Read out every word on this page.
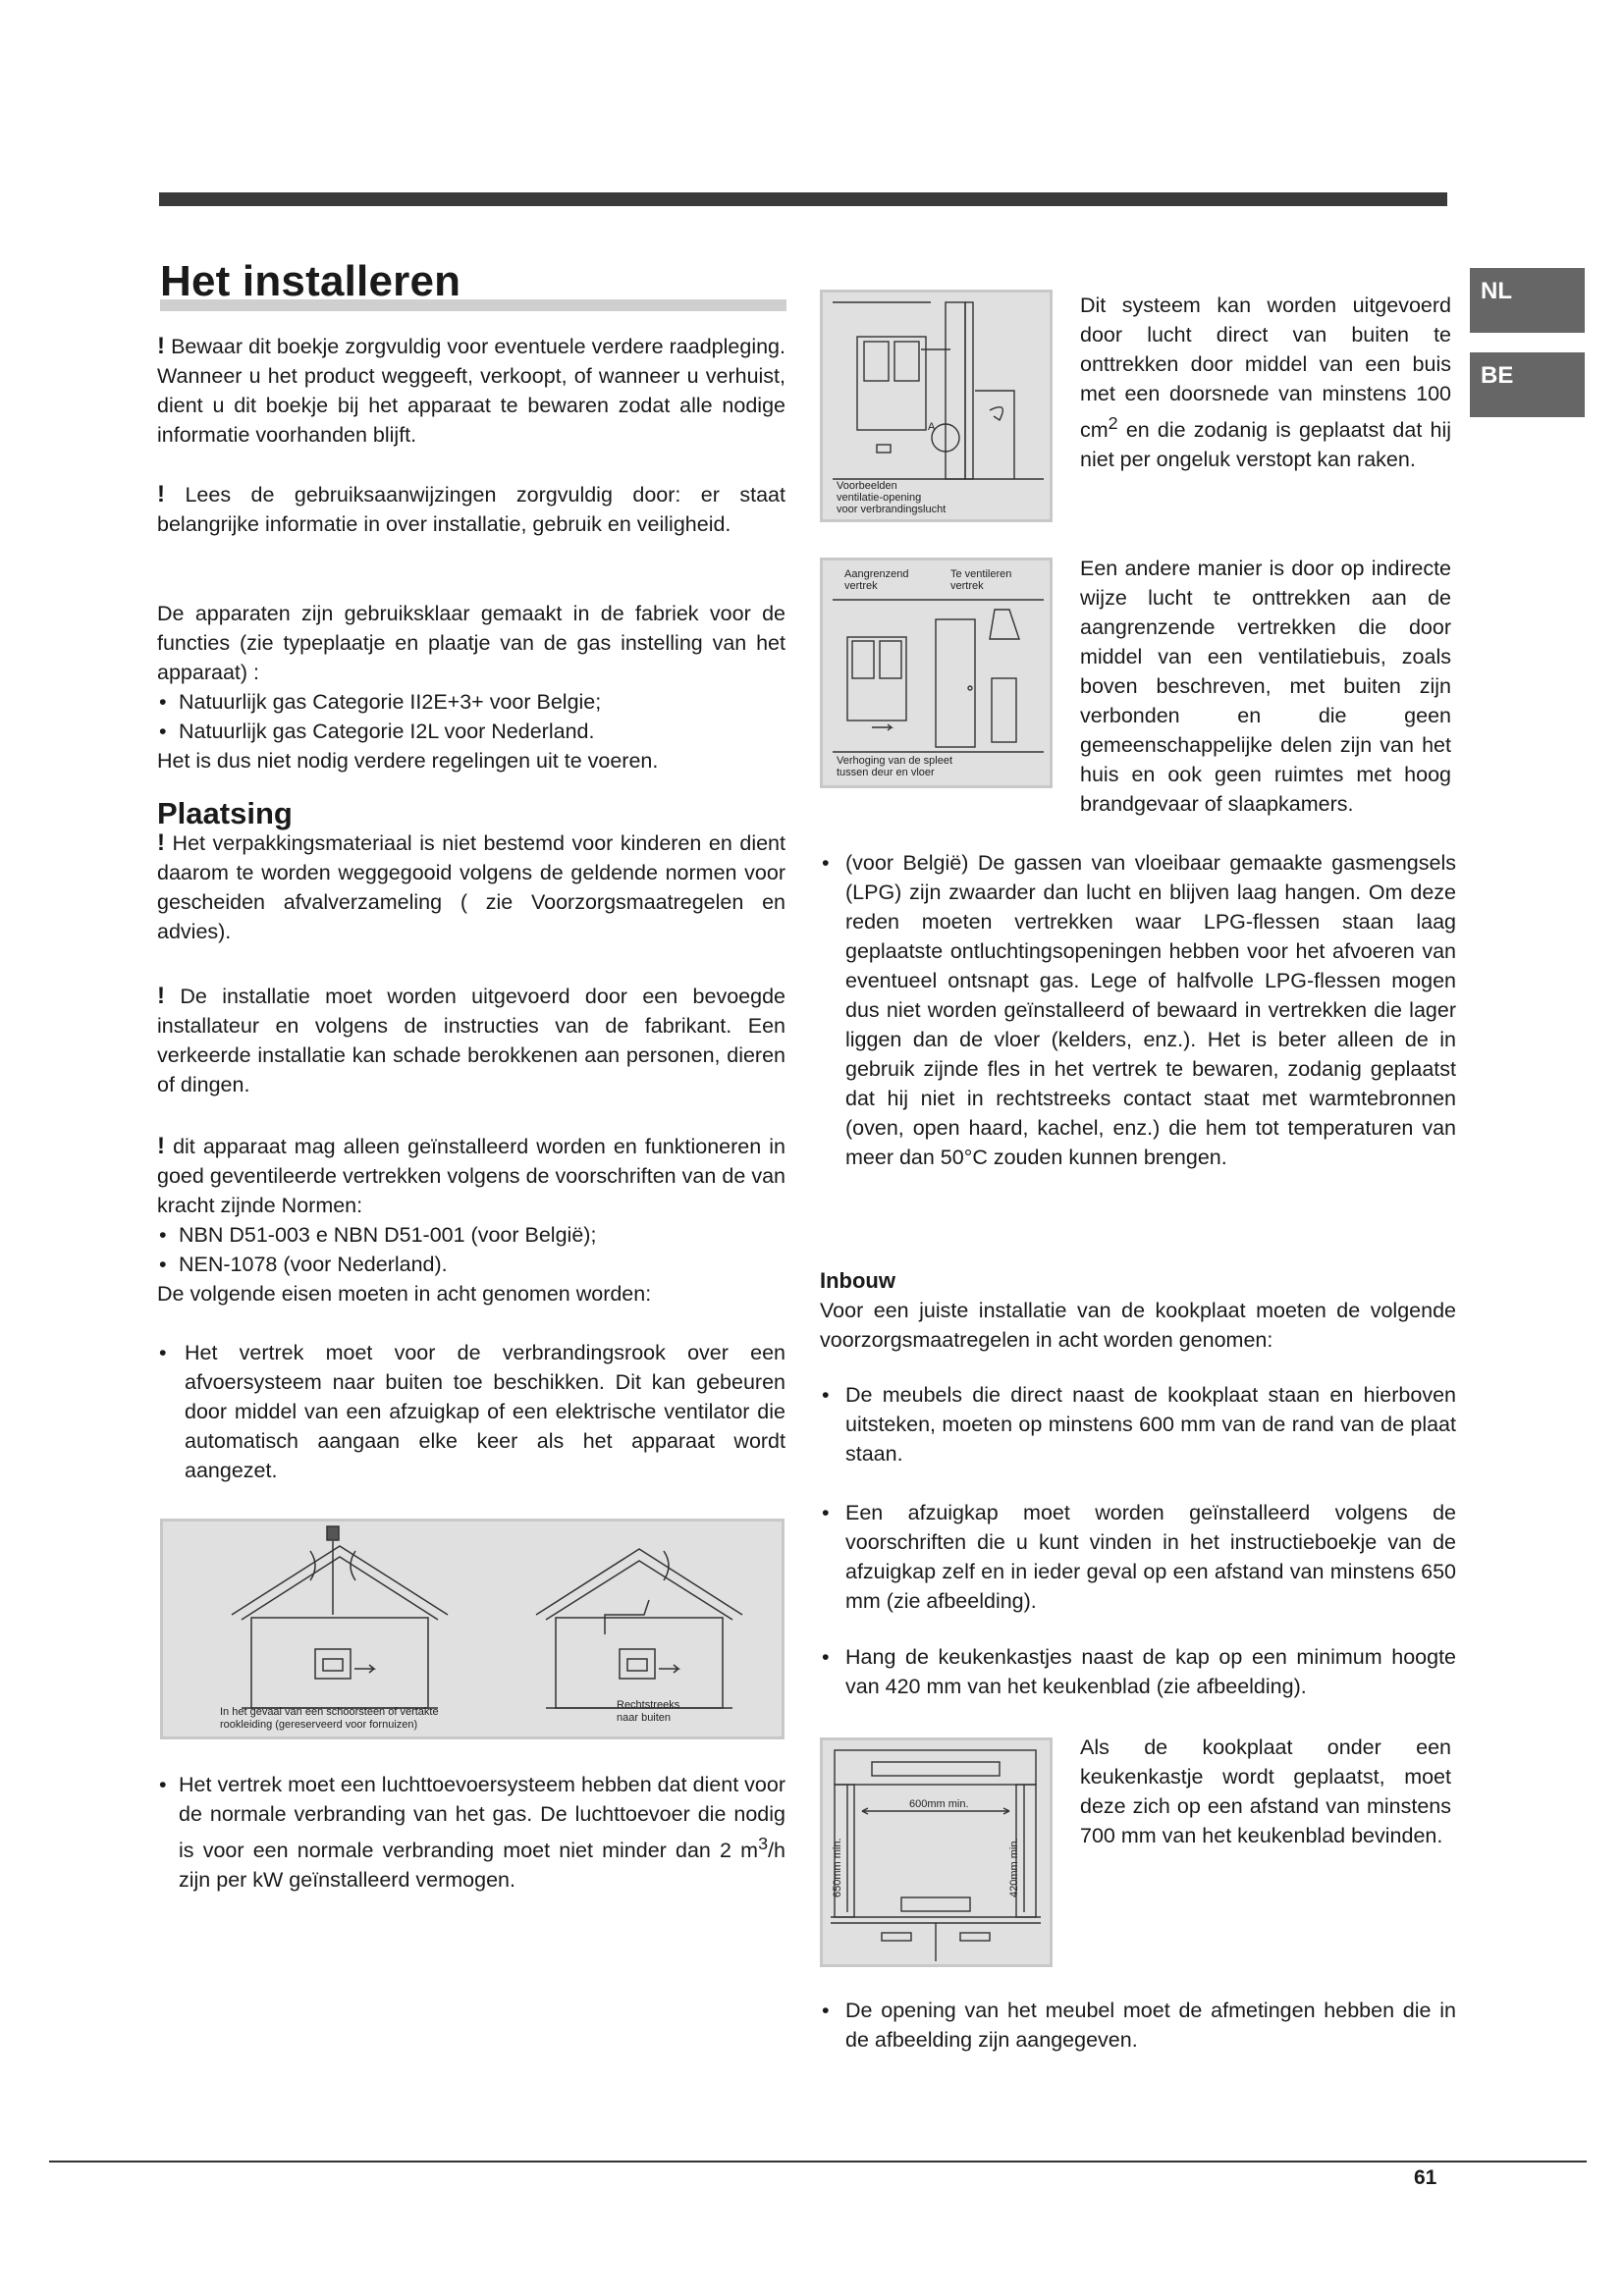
NL
BE
Het installeren

! Bewaar dit boekje zorgvuldig voor eventuele verdere raadpleging. Wanneer u het product weggeeft, verkoopt, of wanneer u verhuist, dient u dit boekje bij het apparaat te bewaren zodat alle nodige informatie voorhanden blijft.

! Lees de gebruiksaanwijzingen zorgvuldig door: er staat belangrijke informatie in over installatie, gebruik en veiligheid.

De apparaten zijn gebruiksklaar gemaakt in de fabriek voor de functies (zie typeplaatje en plaatje van de gas instelling van het apparaat) :

• Natuurlijk gas Categorie II2E+3+ voor Belgie;
• Natuurlijk gas Categorie I2L voor Nederland.

Het is dus niet nodig verdere regelingen uit te voeren.

Plaatsing

! Het verpakkingsmateriaal is niet bestemd voor kinderen en dient daarom te worden weggegooid volgens de geldende normen voor gescheiden afvalverzameling ( zie Voorzorgsmaatregelen en advies).

! De installatie moet worden uitgevoerd door een bevoegde installateur en volgens de instructies van de fabrikant. Een verkeerde installatie kan schade berokkenen aan personen, dieren of dingen.

! dit apparaat mag alleen geïnstalleerd worden en funktioneren in goed geventileerde vertrekken volgens de voorschriften van de van kracht zijnde Normen:

• NBN D51-003 e NBN D51-001 (voor België);
• NEN-1078 (voor Nederland).

De volgende eisen moeten in acht genomen worden:

• Het vertrek moet voor de verbrandingsrook over een afvoersysteem naar buiten toe beschikken. Dit kan gebeuren door middel van een afzuigkap of een elektrische ventilator die automatisch aangaan elke keer als het apparaat wordt aangezet.
In het gevaal van een schoorsteen of vertakte
rookleiding (gereserveerd voor fornuizen)
Rechtstreeks
naar buiten
• Het vertrek moet een luchttoevoersysteem hebben dat dient voor de normale verbranding van het gas. De luchttoevoer die nodig is voor een normale verbranding moet niet minder dan 2 $m^3/h$ zijn per kW geïnstalleerd vermogen.
A
Voorbeelden
ventilatie-opening
voor verbrandingslucht

Dit systeem kan worden uitgevoerd door lucht direct van buiten te onttrekken door middel van een buis met een doorsnede van minstens 100 $cm^2$ en die zodanig is geplaatst dat hij niet per ongeluk verstopt kan raken.

Aangrenzend
vertrek
Te ventileren
vertrek
Verhoging van de spleet
tussen deur en vloer

Een andere manier is door op indirecte wijze lucht te onttrekken aan de aangrenzende vertrekken die door middel van een ventilatiebuis, zoals boven beschreven, met buiten zijn verbonden en die geen gemeenschappelijke delen zijn van het huis en ook geen ruimtes met hoog brandgevaar of slaapkamers.

• (voor België) De gassen van vloeibaar gemaakte gasmengsels (LPG) zijn zwaarder dan lucht en blijven laag hangen. Om deze reden moeten vertrekken waar LPG-flessen staan laag geplaatste ontluchtingsopeningen hebben voor het afvoeren van eventueel ontsnapt gas. Lege of halfvolle LPG-flessen mogen dus niet worden geïnstalleerd of bewaard in vertrekken die lager liggen dan de vloer (kelders, enz.). Het is beter alleen de in gebruik zijnde fles in het vertrek te bewaren, zodanig geplaatst dat hij niet in rechtstreeks contact staat met warmtebronnen (oven, open haard, kachel, enz.) die hem tot temperaturen van meer dan 50°C zouden kunnen brengen.

Inbouw

Voor een juiste installatie van de kookplaat moeten de volgende voorzorgsmaatregelen in acht worden genomen:

• De meubels die direct naast de kookplaat staan en hierboven uitsteken, moeten op minstens 600 mm van de rand van de plaat staan.
• Een afzuigkap moet worden geïnstalleerd volgens de voorschriften die u kunt vinden in het instructieboekje van de afzuigkap zelf en in ieder geval op een afstand van minstens 650 mm (zie afbeelding).
• Hang de keukenkastjes naast de kap op een minimum hoogte van 420 mm van het keukenblad (zie afbeelding).
600mm min.
650mm min.	420mm min.

Als de kookplaat onder een keukenkastje wordt geplaatst, moet deze zich op een afstand van minstens 700 mm van het keukenblad bevinden.

• De opening van het meubel moet de afmetingen hebben die in de afbeelding zijn aangegeven.
61
